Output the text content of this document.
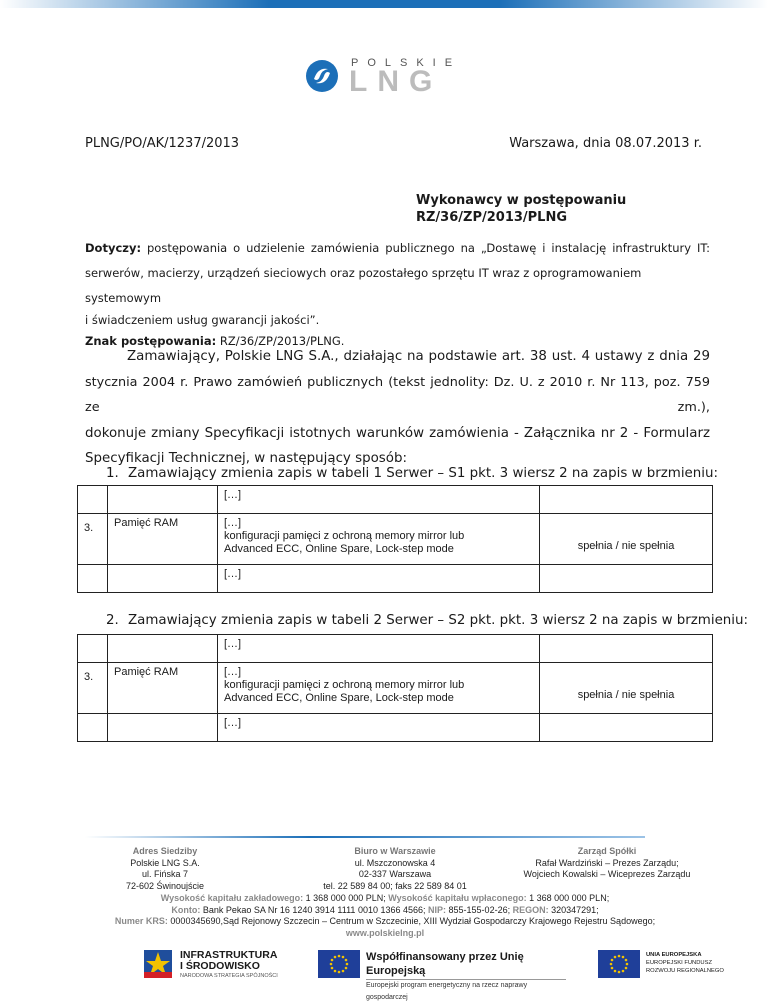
POLSKIE
LNG
PLNG/PO/AK/1237/2013	Warszawa, dnia 08.07.2013 r.
Wykonawcy w postępowaniu
RZ/36/ZP/2013/PLNG
Dotyczy: postępowania o udzielenie zamówienia publicznego na „Dostawę i instalację infrastruktury IT:
serwerów, macierzy, urządzeń sieciowych oraz pozostałego sprzętu IT wraz z oprogramowaniem systemowym
i świadczeniem usług gwarancji jakości”.
Znak postępowania: RZ/36/ZP/2013/PLNG.
Zamawiający, Polskie LNG S.A., działając na podstawie art. 38 ust. 4 ustawy z dnia 29
stycznia 2004 r. Prawo zamówień publicznych (tekst jednolity: Dz. U. z 2010 r. Nr 113, poz. 759 ze zm.),
dokonuje zmiany Specyfikacji istotnych warunków zamówienia - Załącznika nr 2 - Formularz
Specyfikacji Technicznej, w następujący sposób:
1. Zamawiający zmienia zapis w tabeli 1 Serwer – S1 pkt. 3 wiersz 2 na zapis w brzmieniu:
		[…]	
3.	Pamięć RAM	[…]
konfiguracji pamięci z ochroną memory mirror lub
Advanced ECC, Online Spare, Lock-step mode	spełnia / nie spełnia
		[…]	
2. Zamawiający zmienia zapis w tabeli 2 Serwer – S2 pkt. pkt. 3 wiersz 2 na zapis w brzmieniu:
		[…]	
3.	Pamięć RAM	[…]
konfiguracji pamięci z ochroną memory mirror lub
Advanced ECC, Online Spare, Lock-step mode	spełnia / nie spełnia
		[…]	
Adres Siedziby
Polskie LNG S.A.
ul. Fińska 7
72-602 Świnoujście
Biuro w Warszawie
ul. Mszczonowska 4
02-337 Warszawa
tel. 22 589 84 00; faks 22 589 84 01
Zarząd Spółki
Rafał Wardziński – Prezes Zarządu;
Wojciech Kowalski – Wiceprezes Zarządu
Wysokość kapitału zakładowego: 1 368 000 000 PLN; Wysokość kapitału wpłaconego: 1 368 000 000 PLN;
Konto: Bank Pekao SA Nr 16 1240 3914 1111 0010 1366 4566; NIP: 855-155-02-26; REGON: 320347291;
Numer KRS: 0000345690,Sąd Rejonowy Szczecin – Centrum w Szczecinie, XIII Wydział Gospodarczy Krajowego Rejestru Sądowego;
www.polskielng.pl
INFRASTRUKTURA
I ŚRODOWISKO
NARODOWA STRATEGIA SPÓJNOŚCI
Współfinansowany przez Unię Europejską
Europejski program energetyczny na rzecz naprawy gospodarczej
UNIA EUROPEJSKA
EUROPEJSKI FUNDUSZ
ROZWOJU REGIONALNEGO
